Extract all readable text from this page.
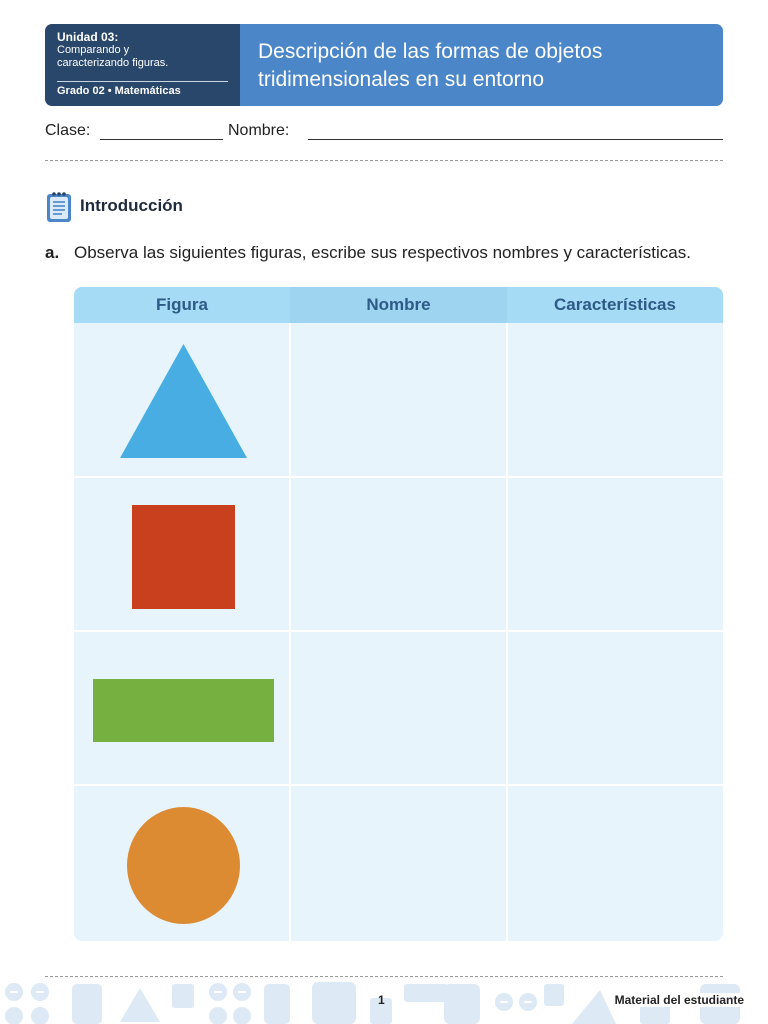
Unidad 03:
Comparando y
caracterizando figuras.
Grado 02 • Matemáticas
Descripción de las formas de objetos
tridimensionales en su entorno
Clase:	Nombre:
Introducción
a. Observa las siguientes figuras, escribe sus respectivos nombres y características.
Figura	Nombre	Características
1	Material del estudiante
